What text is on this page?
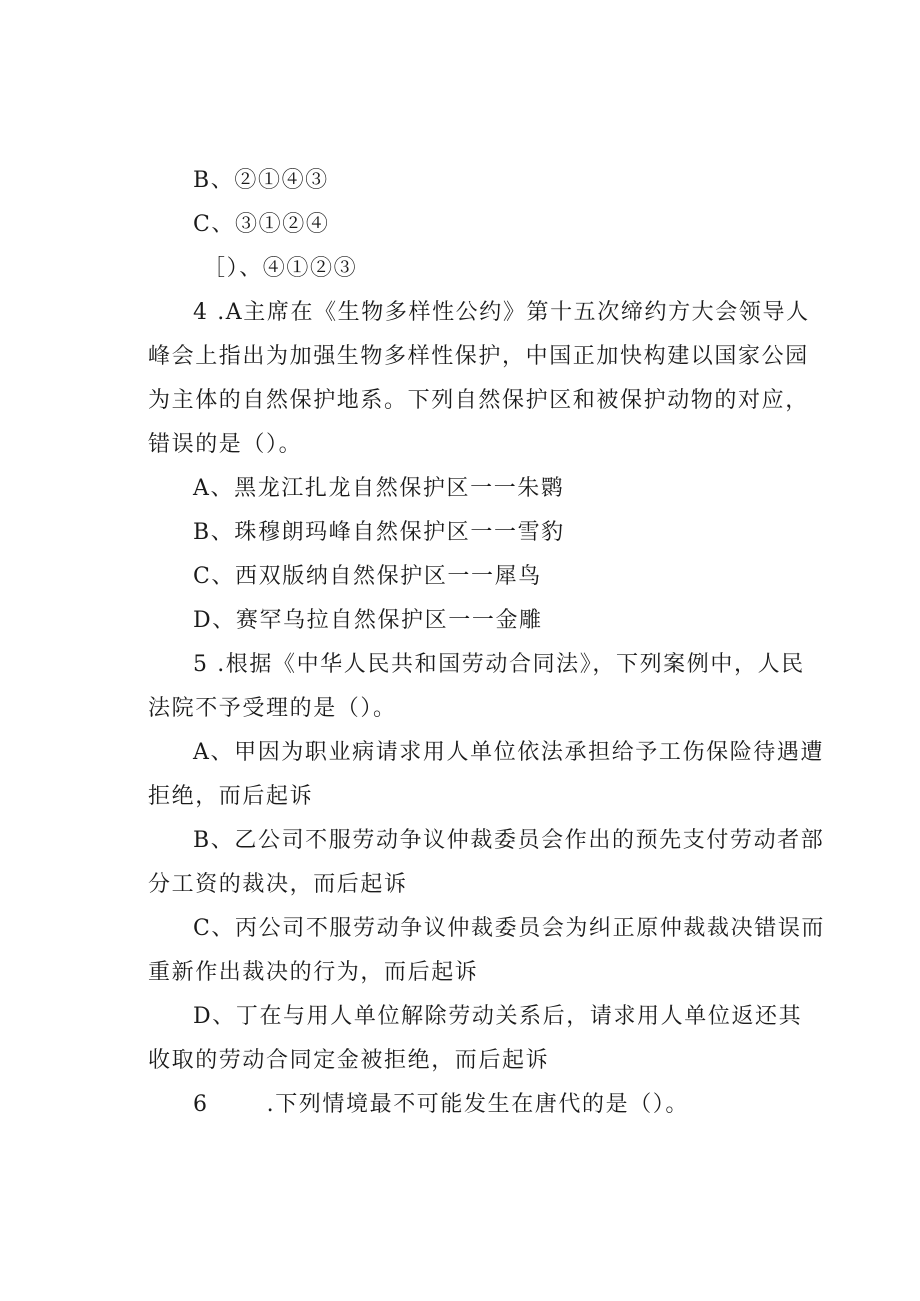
B、②①④③
C、③①②④
［）、④①②③
4 .A主席在《生物多样性公约》第十五次缔约方大会领导人
峰会上指出为加强生物多样性保护，中国正加快构建以国家公园
为主体的自然保护地系。下列自然保护区和被保护动物的对应，
错误的是（）。
A、黑龙江扎龙自然保护区一一朱鹮
B、珠穆朗玛峰自然保护区一一雪豹
C、西双版纳自然保护区一一犀鸟
D、赛罕乌拉自然保护区一一金雕
5 .根据《中华人民共和国劳动合同法》，下列案例中，人民
法院不予受理的是（）。
A、甲因为职业病请求用人单位依法承担给予工伤保险待遇遭
拒绝，而后起诉
B、乙公司不服劳动争议仲裁委员会作出的预先支付劳动者部
分工资的裁决，而后起诉
C、丙公司不服劳动争议仲裁委员会为纠正原仲裁裁决错误而
重新作出裁决的行为，而后起诉
D、丁在与用人单位解除劳动关系后，请求用人单位返还其
收取的劳动合同定金被拒绝，而后起诉
6	.下列情境最不可能发生在唐代的是（）。
